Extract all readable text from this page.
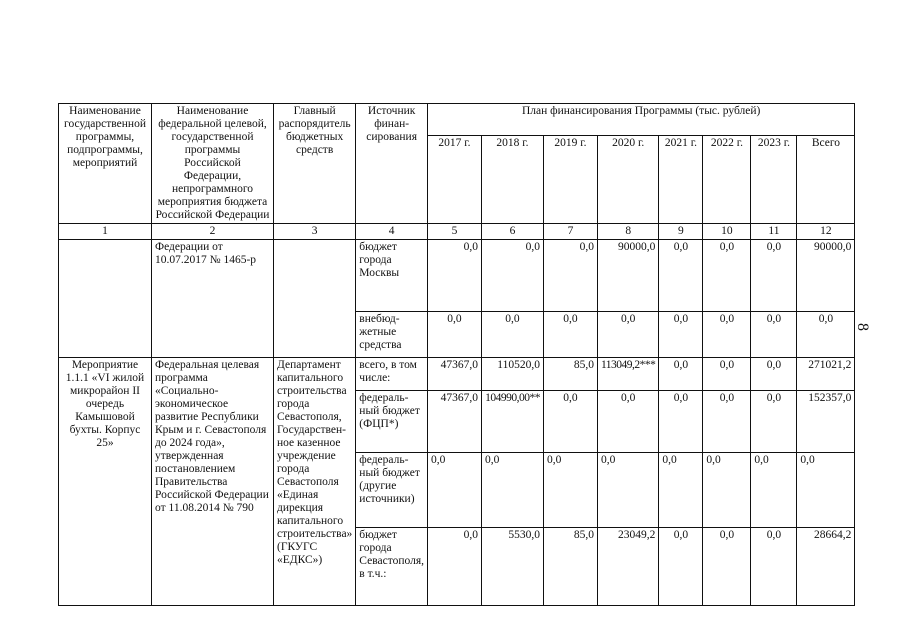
Наименование государственной программы, подпрограммы, мероприятий	Наименование федеральной целевой, государственной программы Российской Федерации, непрограммного мероприятия бюджета Российской Федерации	Главный распорядитель бюджетных средств	Источник финан-сирования	План финансирования Программы (тыс. рублей)							
				2017 г.	2018 г.	2019 г.	2020 г.	2021 г.	2022 г.	2023 г.	Всего
1	2	3	4	5	6	7	8	9	10	11	12
	Федерации от 10.07.2017 № 1465-р		бюджет города Москвы	0,0	0,0	0,0	90000,0	0,0	0,0	0,0	90000,0
			внебюд-жетные средства	0,0	0,0	0,0	0,0	0,0	0,0	0,0	0,0
Мероприятие 1.1.1 «VI жилой микрорайон II очередь Камышовой бухты. Корпус 25»	Федеральная целевая программа «Социально-экономическое развитие Республики Крым и г. Севастополя до 2024 года», утвержденная постановлением Правительства Российской Федерации от 11.08.2014 № 790	Департамент капитального строительства города Севастополя, Государствен-ное казенное учреждение города Севастополя «Единая дирекция капитального строительства» (ГКУГС «ЕДКС»)	всего, в том числе:	47367,0	110520,0	85,0	113049,2***	0,0	0,0	0,0	271021,2
			федераль-ный бюджет (ФЦП*)	47367,0	104990,00**	0,0	0,0	0,0	0,0	0,0	152357,0
			федераль-ный бюджет (другие источники)	0,0	0,0	0,0	0,0	0,0	0,0	0,0	0,0
			бюджет города Севастополя, в т.ч.:	0,0	5530,0	85,0	23049,2	0,0	0,0	0,0	28664,2
8
